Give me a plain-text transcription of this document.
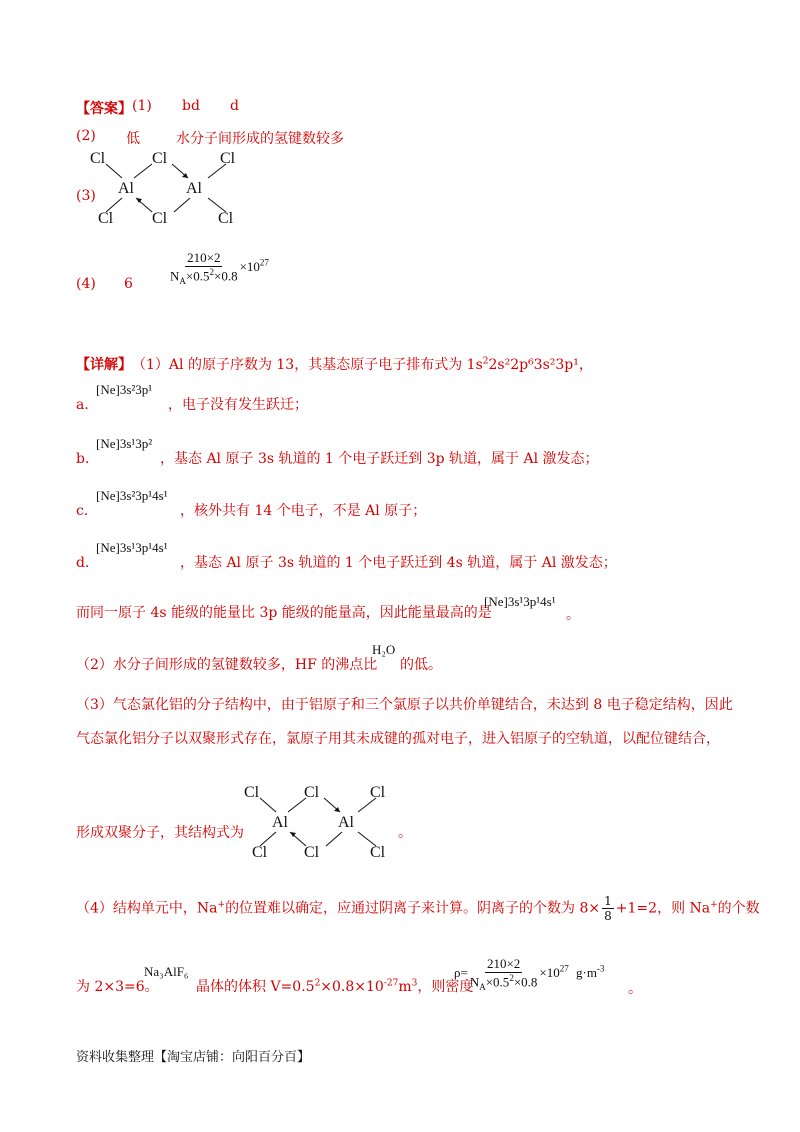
【答案】 (1) bd d
(2) 低	水分子间形成的氢键数较多
(3)
Cl	Cl	Cl
Al	Al
Cl Cl	Cl
(4) 6	$\frac{210\times 2}{N_A\times 0.5^2\times 0.8} \times 10^{27}$
【详解】 （1）Al 的原子序数为 13，其基态原子电子排布式为 $1s^22s^22p^63s^23p^1$，
a．
[Ne]3s²3p¹
，电子没有发生跃迁；
b．
[Ne]3s¹3p²
，基态 Al 原子 3s 轨道的 1 个电子跃迁到 3p 轨道，属于 Al 激发态；
c．
[Ne]3s²3p¹4s¹
，核外共有 14 个电子，不是 Al 原子；
d．
[Ne]3s¹3p¹4s¹
，基态 Al 原子 3s 轨道的 1 个电子跃迁到 4s 轨道，属于 Al 激发态；
而同一原子 4s 能级的能量比 3p 能级的能量高，因此能量最高的是
[Ne]3s¹3p¹4s¹
。
（2）水分子间形成的氢键数较多，HF 的沸点比
H₂O
的低。
（3）气态氯化铝的分子结构中，由于铝原子和三个氯原子以共价单键结合，未达到 8 电子稳定结构，因此
气态氯化铝分子以双聚形式存在，氯原子用其未成键的孤对电子，进入铝原子的空轨道，以配位键结合，
形成双聚分子，其结构式为	。
Cl	Cl	Cl
Al	Al
Cl Cl	Cl
（4）结构单元中，Na+的位置难以确定，应通过阴离子来计算。阴离子的个数为 $8\times \frac{1}{8} +1=2$，则 Na+的个数
为 2×3=6。
Na₃AlF₆
晶体的体积 $V=0.5^2\times 0.8\times 10^{-27}m^3$，则密度
$\rho= \frac{210\times 2}{N_A\times 0.5^2\times 0.8} \times 10^{27}$ $g\cdot m^{-3}$
。
资料收集整理【淘宝店铺：向阳百分百】
